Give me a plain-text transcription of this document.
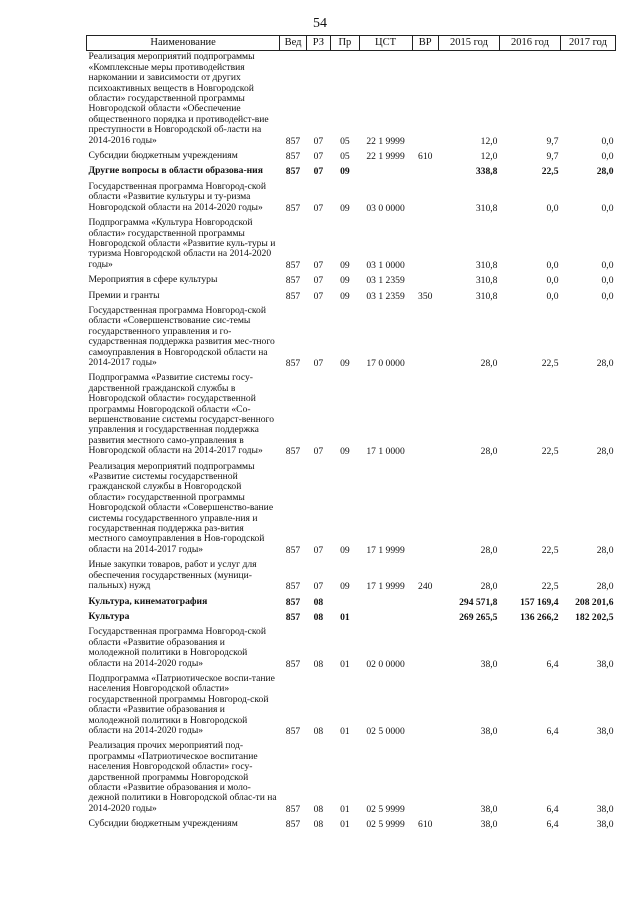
54
Наименование	Вед	РЗ	Пр	ЦСТ	ВР	2015 год	2016 год	2017 год
Реализация мероприятий подпрограммы «Комплексные меры противодействия наркомании и зависимости от других психоактивных веществ в Новгородской области» государственной программы Новгородской области «Обеспечение общественного порядка и противодейст-вие преступности в Новгородской об-ласти на 2014-2016 годы»	857	07	05	22 1 9999		12,0	9,7	0,0
Субсидии бюджетным учреждениям	857	07	05	22 1 9999	610	12,0	9,7	0,0
Другие вопросы в области образова-ния	857	07	09			338,8	22,5	28,0
Государственная программа Новгород-ской области «Развитие культуры и ту-ризма Новгородской области на 2014-2020 годы»	857	07	09	03 0 0000		310,8	0,0	0,0
Подпрограмма «Культура Новгородской области» государственной программы Новгородской области «Развитие куль-туры и туризма Новгородской области на 2014-2020 годы»	857	07	09	03 1 0000		310,8	0,0	0,0
Мероприятия в сфере культуры	857	07	09	03 1 2359		310,8	0,0	0,0
Премии и гранты	857	07	09	03 1 2359	350	310,8	0,0	0,0
Государственная программа Новгород-ской области «Совершенствование сис-темы государственного управления и го-сударственная поддержка развития мес-тного самоуправления в Новгородской области на 2014-2017 годы»	857	07	09	17 0 0000		28,0	22,5	28,0
Подпрограмма «Развитие системы госу-дарственной гражданской службы в Новгородской области» государственной программы Новгородской области «Со-вершенствование системы государст-венного управления и государственная поддержка развития местного само-управления в Новгородской области на 2014-2017 годы»	857	07	09	17 1 0000		28,0	22,5	28,0
Реализация мероприятий подпрограммы «Развитие системы государственной гражданской службы в Новгородской области» государственной программы Новгородской области «Совершенство-вание системы государственного управле-ния и государственная поддержка раз-вития местного самоуправления в Нов-городской области на 2014-2017 годы»	857	07	09	17 1 9999		28,0	22,5	28,0
Иные закупки товаров, работ и услуг для обеспечения государственных (муници-пальных) нужд	857	07	09	17 1 9999	240	28,0	22,5	28,0
Культура, кинематография	857	08				294 571,8	157 169,4	208 201,6
Культура	857	08	01			269 265,5	136 266,2	182 202,5
Государственная программа Новгород-ской области «Развитие образования и молодежной политики в Новгородской области на 2014-2020 годы»	857	08	01	02 0 0000		38,0	6,4	38,0
Подпрограмма «Патриотическое воспи-тание населения Новгородской области» государственной программы Новгород-ской области «Развитие образования и молодежной политики в Новгородской области на 2014-2020 годы»	857	08	01	02 5 0000		38,0	6,4	38,0
Реализация прочих мероприятий под-программы «Патриотическое воспитание населения Новгородской области» госу-дарственной программы Новгородской области «Развитие образования и моло-дежной политики в Новгородской облас-ти на 2014-2020 годы»	857	08	01	02 5 9999		38,0	6,4	38,0
Субсидии бюджетным учреждениям	857	08	01	02 5 9999	610	38,0	6,4	38,0
